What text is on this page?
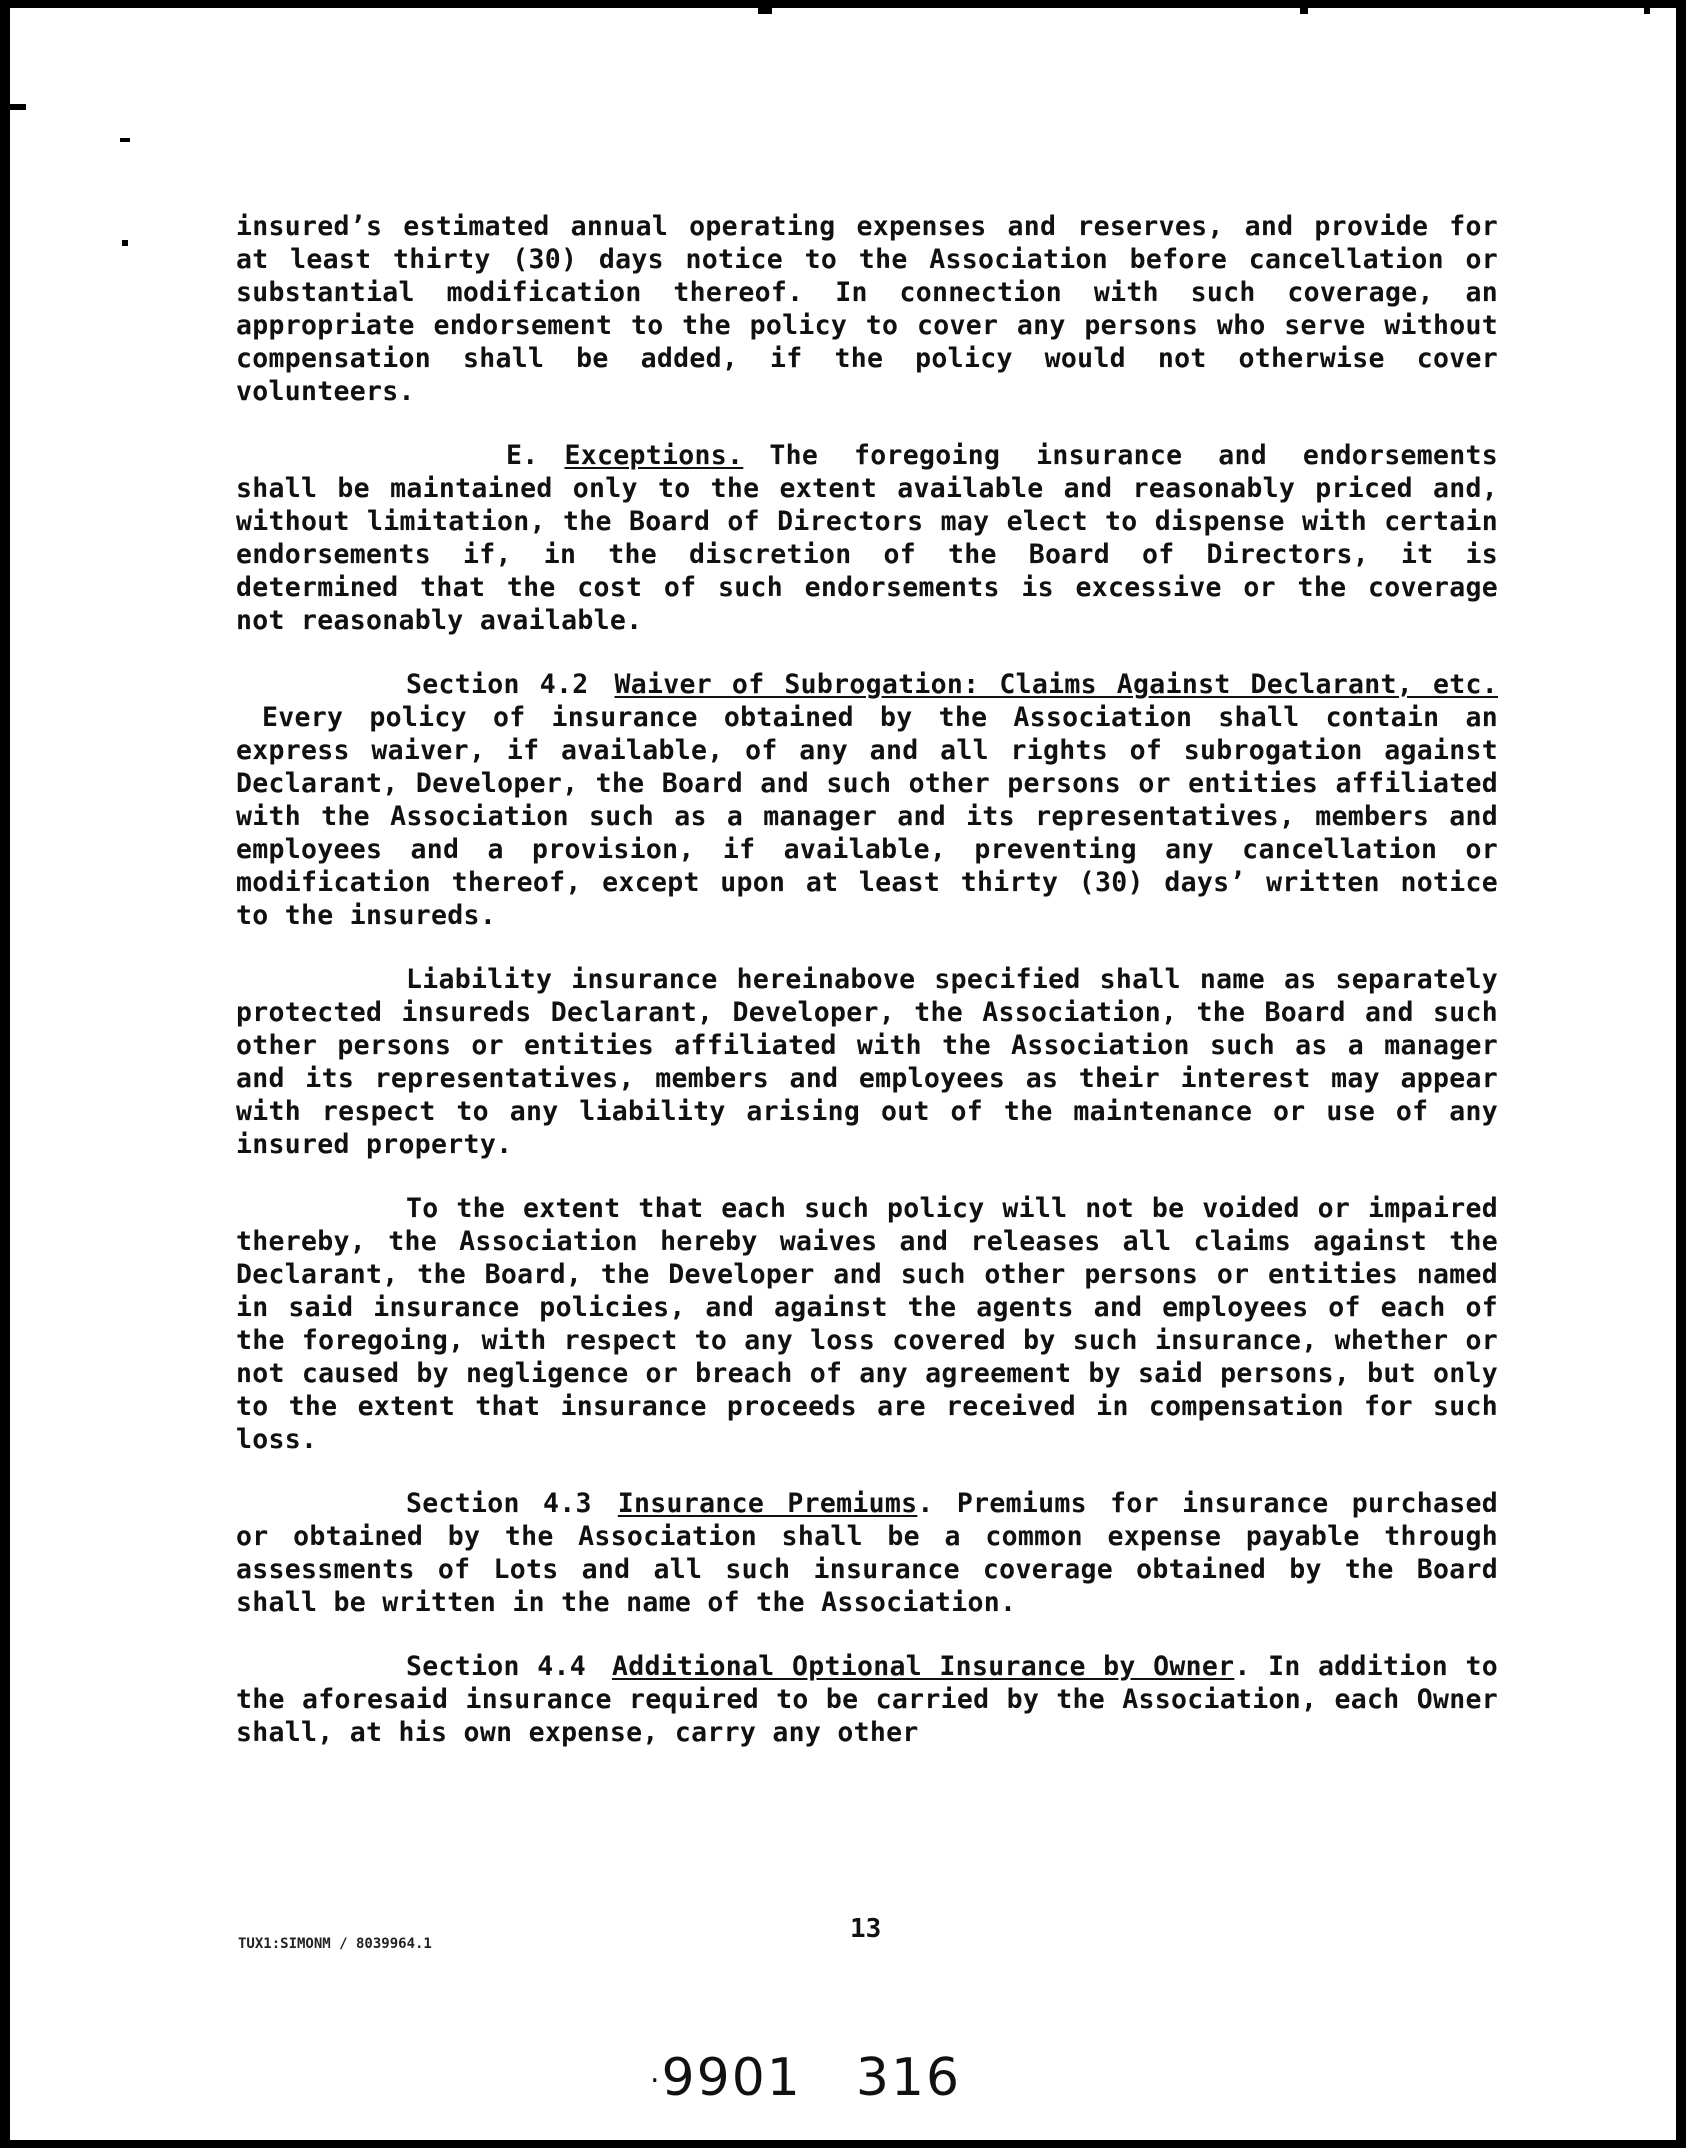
insured’s estimated annual operating expenses and reserves, and provide for at least thirty (30) days notice to the Association before cancellation or substantial modification thereof. In connection with such coverage, an appropriate endorsement to the policy to cover any persons who serve without compensation shall be added, if the policy would not otherwise cover volunteers.

E. Exceptions. The foregoing insurance and endorsements shall be maintained only to the extent available and reasonably priced and, without limitation, the Board of Directors may elect to dispense with certain endorsements if, in the discretion of the Board of Directors, it is determined that the cost of such endorsements is excessive or the coverage not reasonably available.

Section 4.2 Waiver of Subrogation: Claims Against Declarant, etc.Every policy of insurance obtained by the Association shall contain an express waiver, if available, of any and all rights of subrogation against Declarant, Developer, the Board and such other persons or entities affiliated with the Association such as a manager and its representatives, members and employees and a provision, if available, preventing any cancellation or modification thereof, except upon at least thirty (30) days’ written notice to the insureds.

Liability insurance hereinabove specified shall name as separately protected insureds Declarant, Developer, the Association, the Board and such other persons or entities affiliated with the Association such as a manager and its representatives, members and employees as their interest may appear with respect to any liability arising out of the maintenance or use of any insured property.

To the extent that each such policy will not be voided or impaired thereby, the Association hereby waives and releases all claims against the Declarant, the Board, the Developer and such other persons or entities named in said insurance policies, and against the agents and employees of each of the foregoing, with respect to any loss covered by such insurance, whether or not caused by negligence or breach of any agreement by said persons, but only to the extent that insurance proceeds are received in compensation for such loss.

Section 4.3 Insurance Premiums. Premiums for insurance purchased or obtained by the Association shall be a common expense payable through assessments of Lots and all such insurance coverage obtained by the Board shall be written in the name of the Association.

Section 4.4 Additional Optional Insurance by Owner. In addition to the aforesaid insurance required to be carried by the Association, each Owner shall, at his own expense, carry any other

TUX1:SIMONM / 8039964.1	13
·9901 316
